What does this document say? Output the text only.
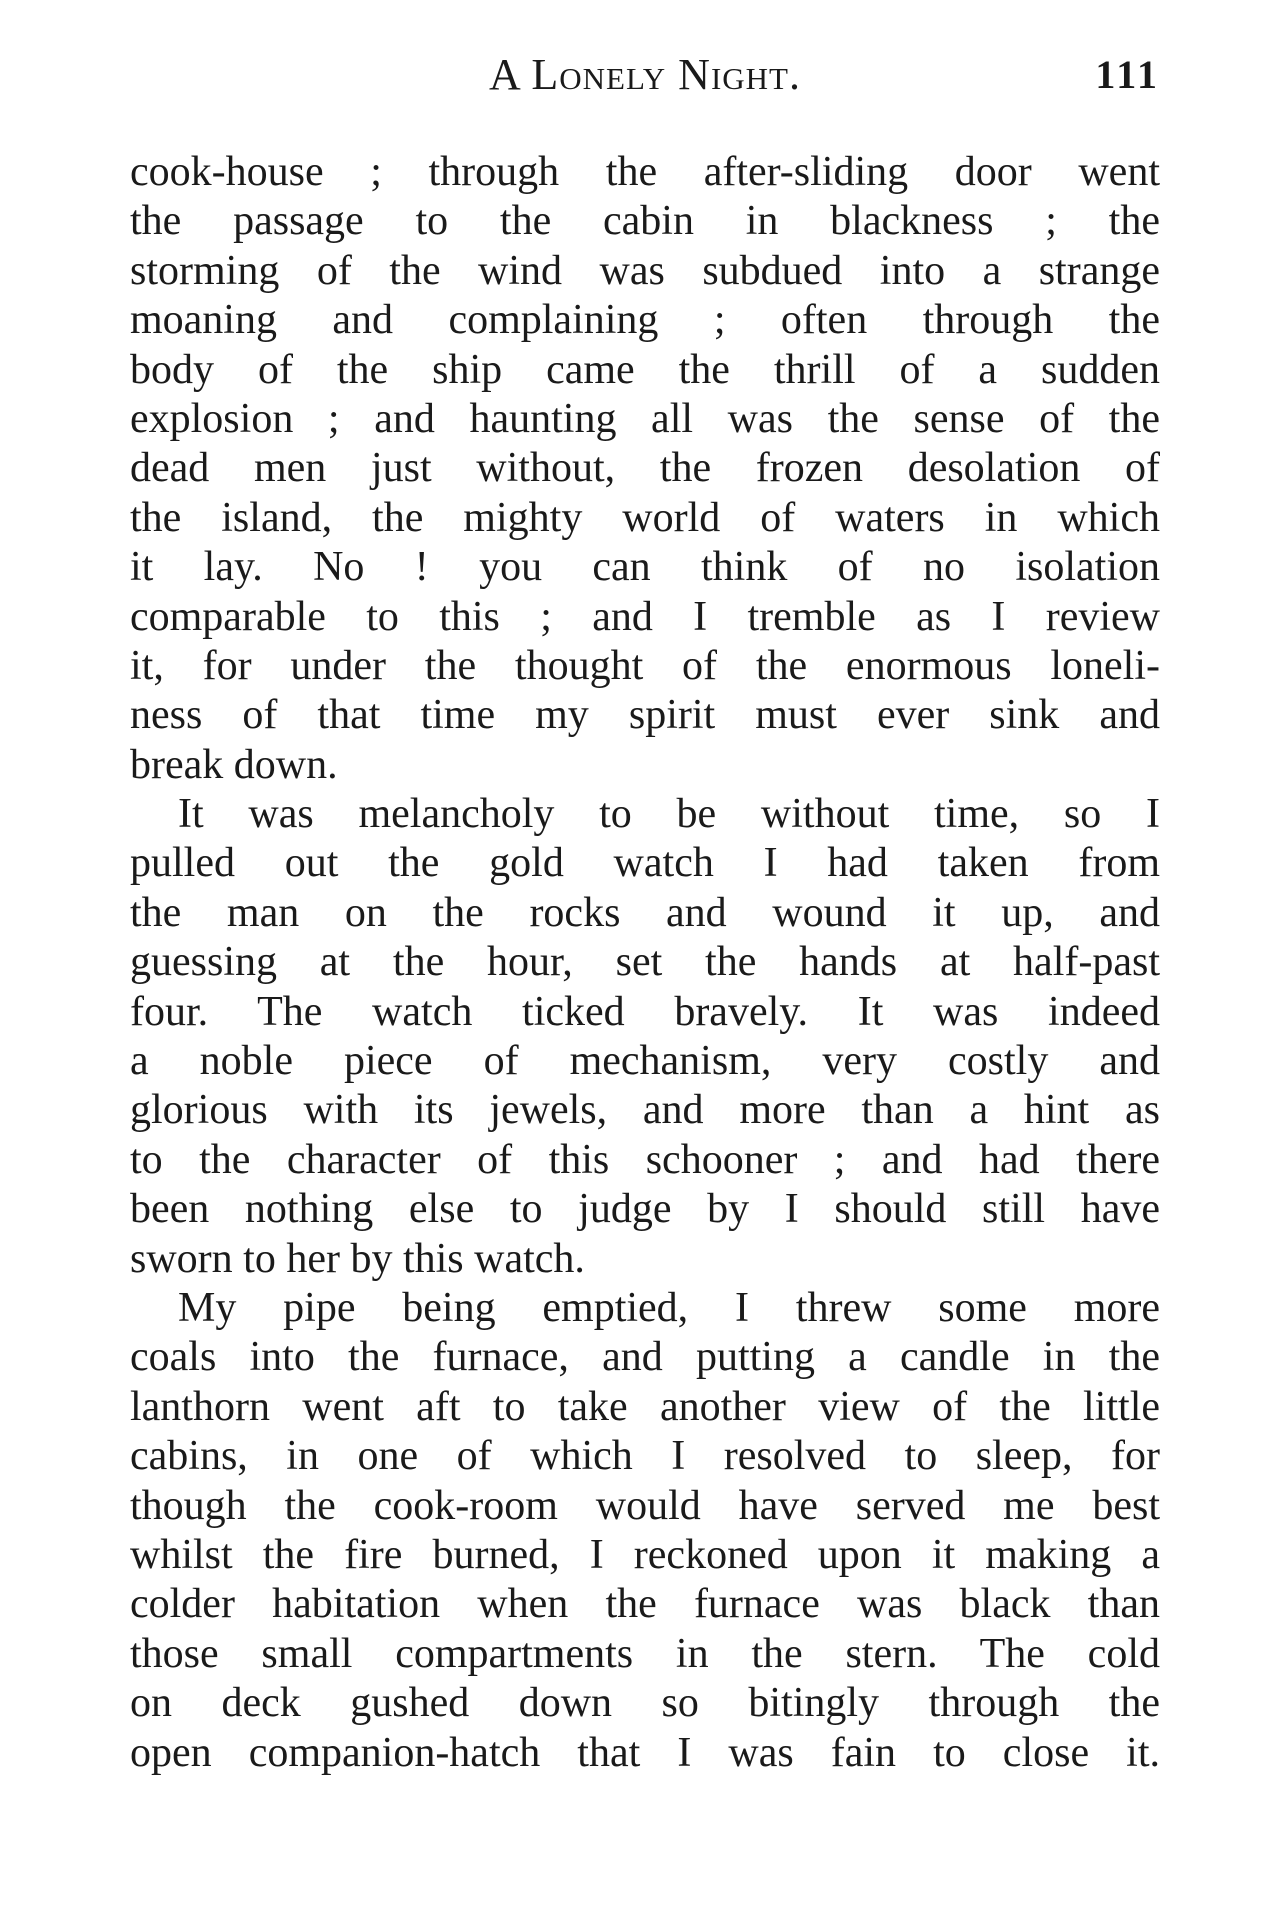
A Lonely Night.	111
cook-house ; through the after-sliding door went
the passage to the cabin in blackness ; the
storming of the wind was subdued into a strange
moaning and complaining ; often through the
body of the ship came the thrill of a sudden
explosion ; and haunting all was the sense of the
dead men just without, the frozen desolation of
the island, the mighty world of waters in which
it lay. No ! you can think of no isolation
comparable to this ; and I tremble as I review
it, for under the thought of the enormous loneli-
ness of that time my spirit must ever sink and
break down.
It was melancholy to be without time, so I
pulled out the gold watch I had taken from
the man on the rocks and wound it up, and
guessing at the hour, set the hands at half-past
four. The watch ticked bravely. It was indeed
a noble piece of mechanism, very costly and
glorious with its jewels, and more than a hint as
to the character of this schooner ; and had there
been nothing else to judge by I should still have
sworn to her by this watch.
My pipe being emptied, I threw some more
coals into the furnace, and putting a candle in the
lanthorn went aft to take another view of the little
cabins, in one of which I resolved to sleep, for
though the cook-room would have served me best
whilst the fire burned, I reckoned upon it making a
colder habitation when the furnace was black than
those small compartments in the stern. The cold
on deck gushed down so bitingly through the
open companion-hatch that I was fain to close it.
